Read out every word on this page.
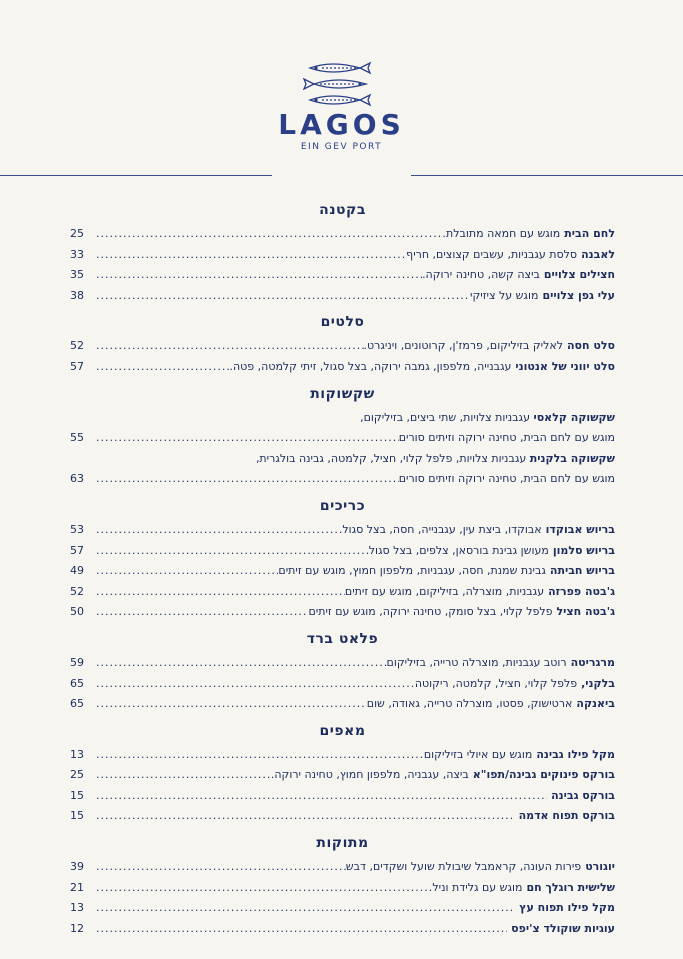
LAGOS
EIN GEV PORT
בקטנה
לחם הבית
מוגש עם חמאה מתובלת
.....
25
לאבנה
סלסת עגבניות, עשבים קצוצים, חריף
.....
33
חצילים צלויים
ביצה קשה, טחינה ירוקה.
.....
35
עלי גפן צלויים
מוגש על ציזיקי
.....
38
סלטים
סלט חסה
לאליק בזיליקום, פרמז'ן, קרוטונים, ויניגרט.
.....
52
סלט יווני של אנטוני
עגבנייה, מלפפון, גמבה ירוקה, בצל סגול, זיתי קלמטה, פטה.
.....
57
שקשוקות
שקשוקה קלאסי עגבניות צלויות, שתי ביצים, בזיליקום,
מוגש עם לחם הבית, טחינה ירוקה וזיתים סורים
.....
55
שקשוקה בלקנית עגבניות צלויות, פלפל קלוי, חציל, קלמטה, גבינה בולגרית,
מוגש עם לחם הבית, טחינה ירוקה וזיתים סורים
.....
63
כריכים
בריוש אבוקדו
אבוקדו, ביצת עין, עגבנייה, חסה, בצל סגול
.....
53
בריוש סלמון
מעושן גבינת בורסאן, צלפים, בצל סגול
.....
57
בריוש חביתה
גבינת שמנת, חסה, עגבניות, מלפפון חמוץ, מוגש עם זיתים
.....
49
ג'בטה פפרזה
עגבניות, מוצרלה, בזיליקום, מוגש עם זיתים
.....
52
ג'בטה חציל
פלפל קלוי, בצל סומק, טחינה ירוקה, מוגש עם זיתים
.....
50
פלאט ברד
מרגריטה
רוטב עגבניות, מוצרלה טרייה, בזיליקום
.....
59
בלקני,
פלפל קלוי, חציל, קלמטה, ריקוטה
.....
65
ביאנקה
ארטישוק, פסטו, מוצרלה טרייה, גאודה, שום
.....
65
מאפים
מקל פילו גבינה
מוגש עם איולי בזיליקום
.....
13
בורקס פינוקים גבינה/תפו"א
ביצה, עגבניה, מלפפון חמוץ, טחינה ירוקה.
.....
25
בורקס גבינה
.....
15
בורקס תפוח אדמה
.....
15
מתוקות
יוגורט
פירות העונה, קראמבל שיבולת שועל ושקדים, דבש
.....
39
שלישית רוגלך חם
מוגש עם גלידת וניל
.....
21
מקל פילו תפוח עץ
.....
13
עוגיות שוקולד צ'יפס
.....
12
